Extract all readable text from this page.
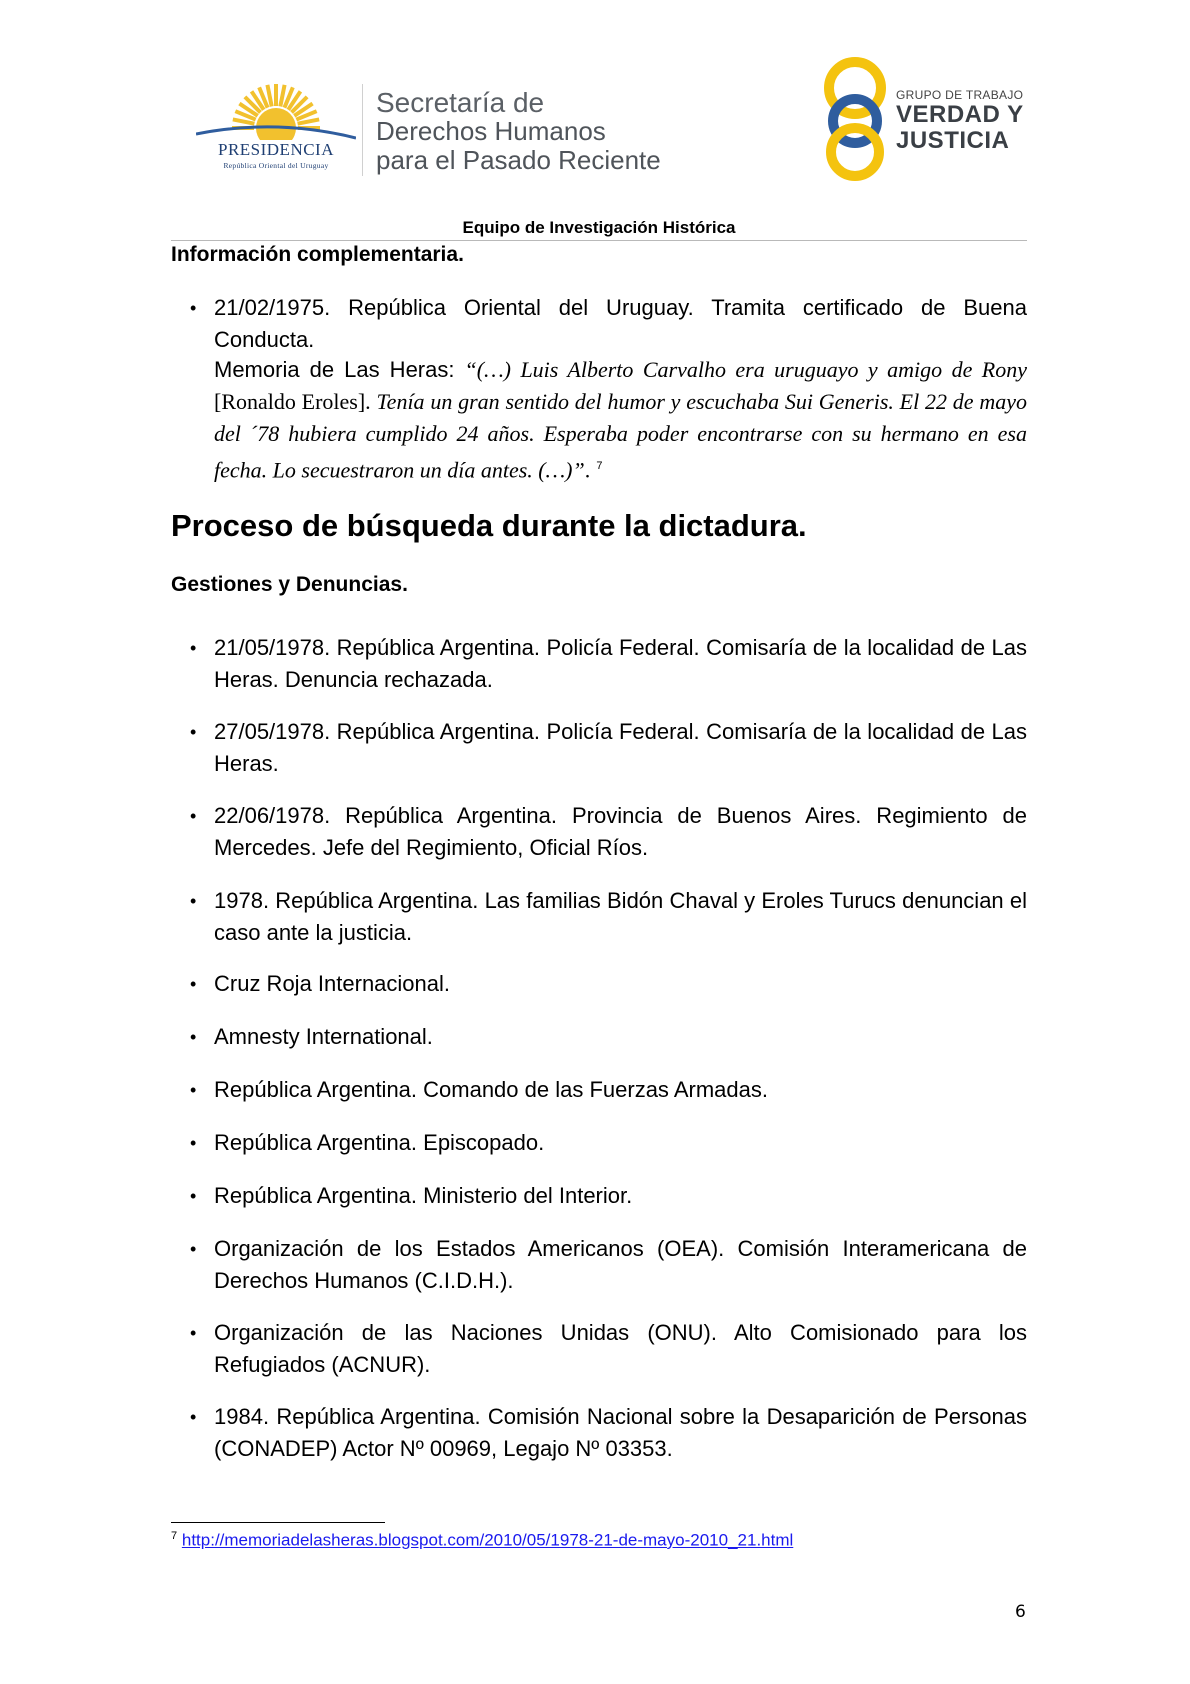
PRESIDENCIA
República Oriental del Uruguay
Secretaría de
Derechos Humanos
para el Pasado Reciente
GRUPO DE TRABAJO
VERDAD Y
JUSTICIA
Equipo de Investigación Histórica
Información complementaria.
• 21/02/1975. República Oriental del Uruguay. Tramita certificado de Buena Conducta.
Memoria de Las Heras: “(…) Luis Alberto Carvalho era uruguayo y amigo de Rony [Ronaldo Eroles]. Tenía un gran sentido del humor y escuchaba Sui Generis. El 22 de mayo del ´78 hubiera cumplido 24 años. Esperaba poder encontrarse con su hermano en esa fecha. Lo secuestraron un día antes. (…)”. $^7$
Proceso de búsqueda durante la dictadura.
Gestiones y Denuncias.
• 21/05/1978. República Argentina. Policía Federal. Comisaría de la localidad de Las Heras. Denuncia rechazada.
• 27/05/1978. República Argentina. Policía Federal. Comisaría de la localidad de Las Heras.
• 22/06/1978. República Argentina. Provincia de Buenos Aires. Regimiento de Mercedes. Jefe del Regimiento, Oficial Ríos.
• 1978. República Argentina. Las familias Bidón Chaval y Eroles Turucs denuncian el caso ante la justicia.
• Cruz Roja Internacional.
• Amnesty International.
• República Argentina. Comando de las Fuerzas Armadas.
• República Argentina. Episcopado.
• República Argentina. Ministerio del Interior.
• Organización de los Estados Americanos (OEA). Comisión Interamericana de Derechos Humanos (C.I.D.H.).
• Organización de las Naciones Unidas (ONU). Alto Comisionado para los Refugiados (ACNUR).
• 1984. República Argentina. Comisión Nacional sobre la Desaparición de Personas (CONADEP) Actor Nº 00969, Legajo Nº 03353.
$^7$ http://memoriadelasheras.blogspot.com/2010/05/1978-21-de-mayo-2010_21.html
6
